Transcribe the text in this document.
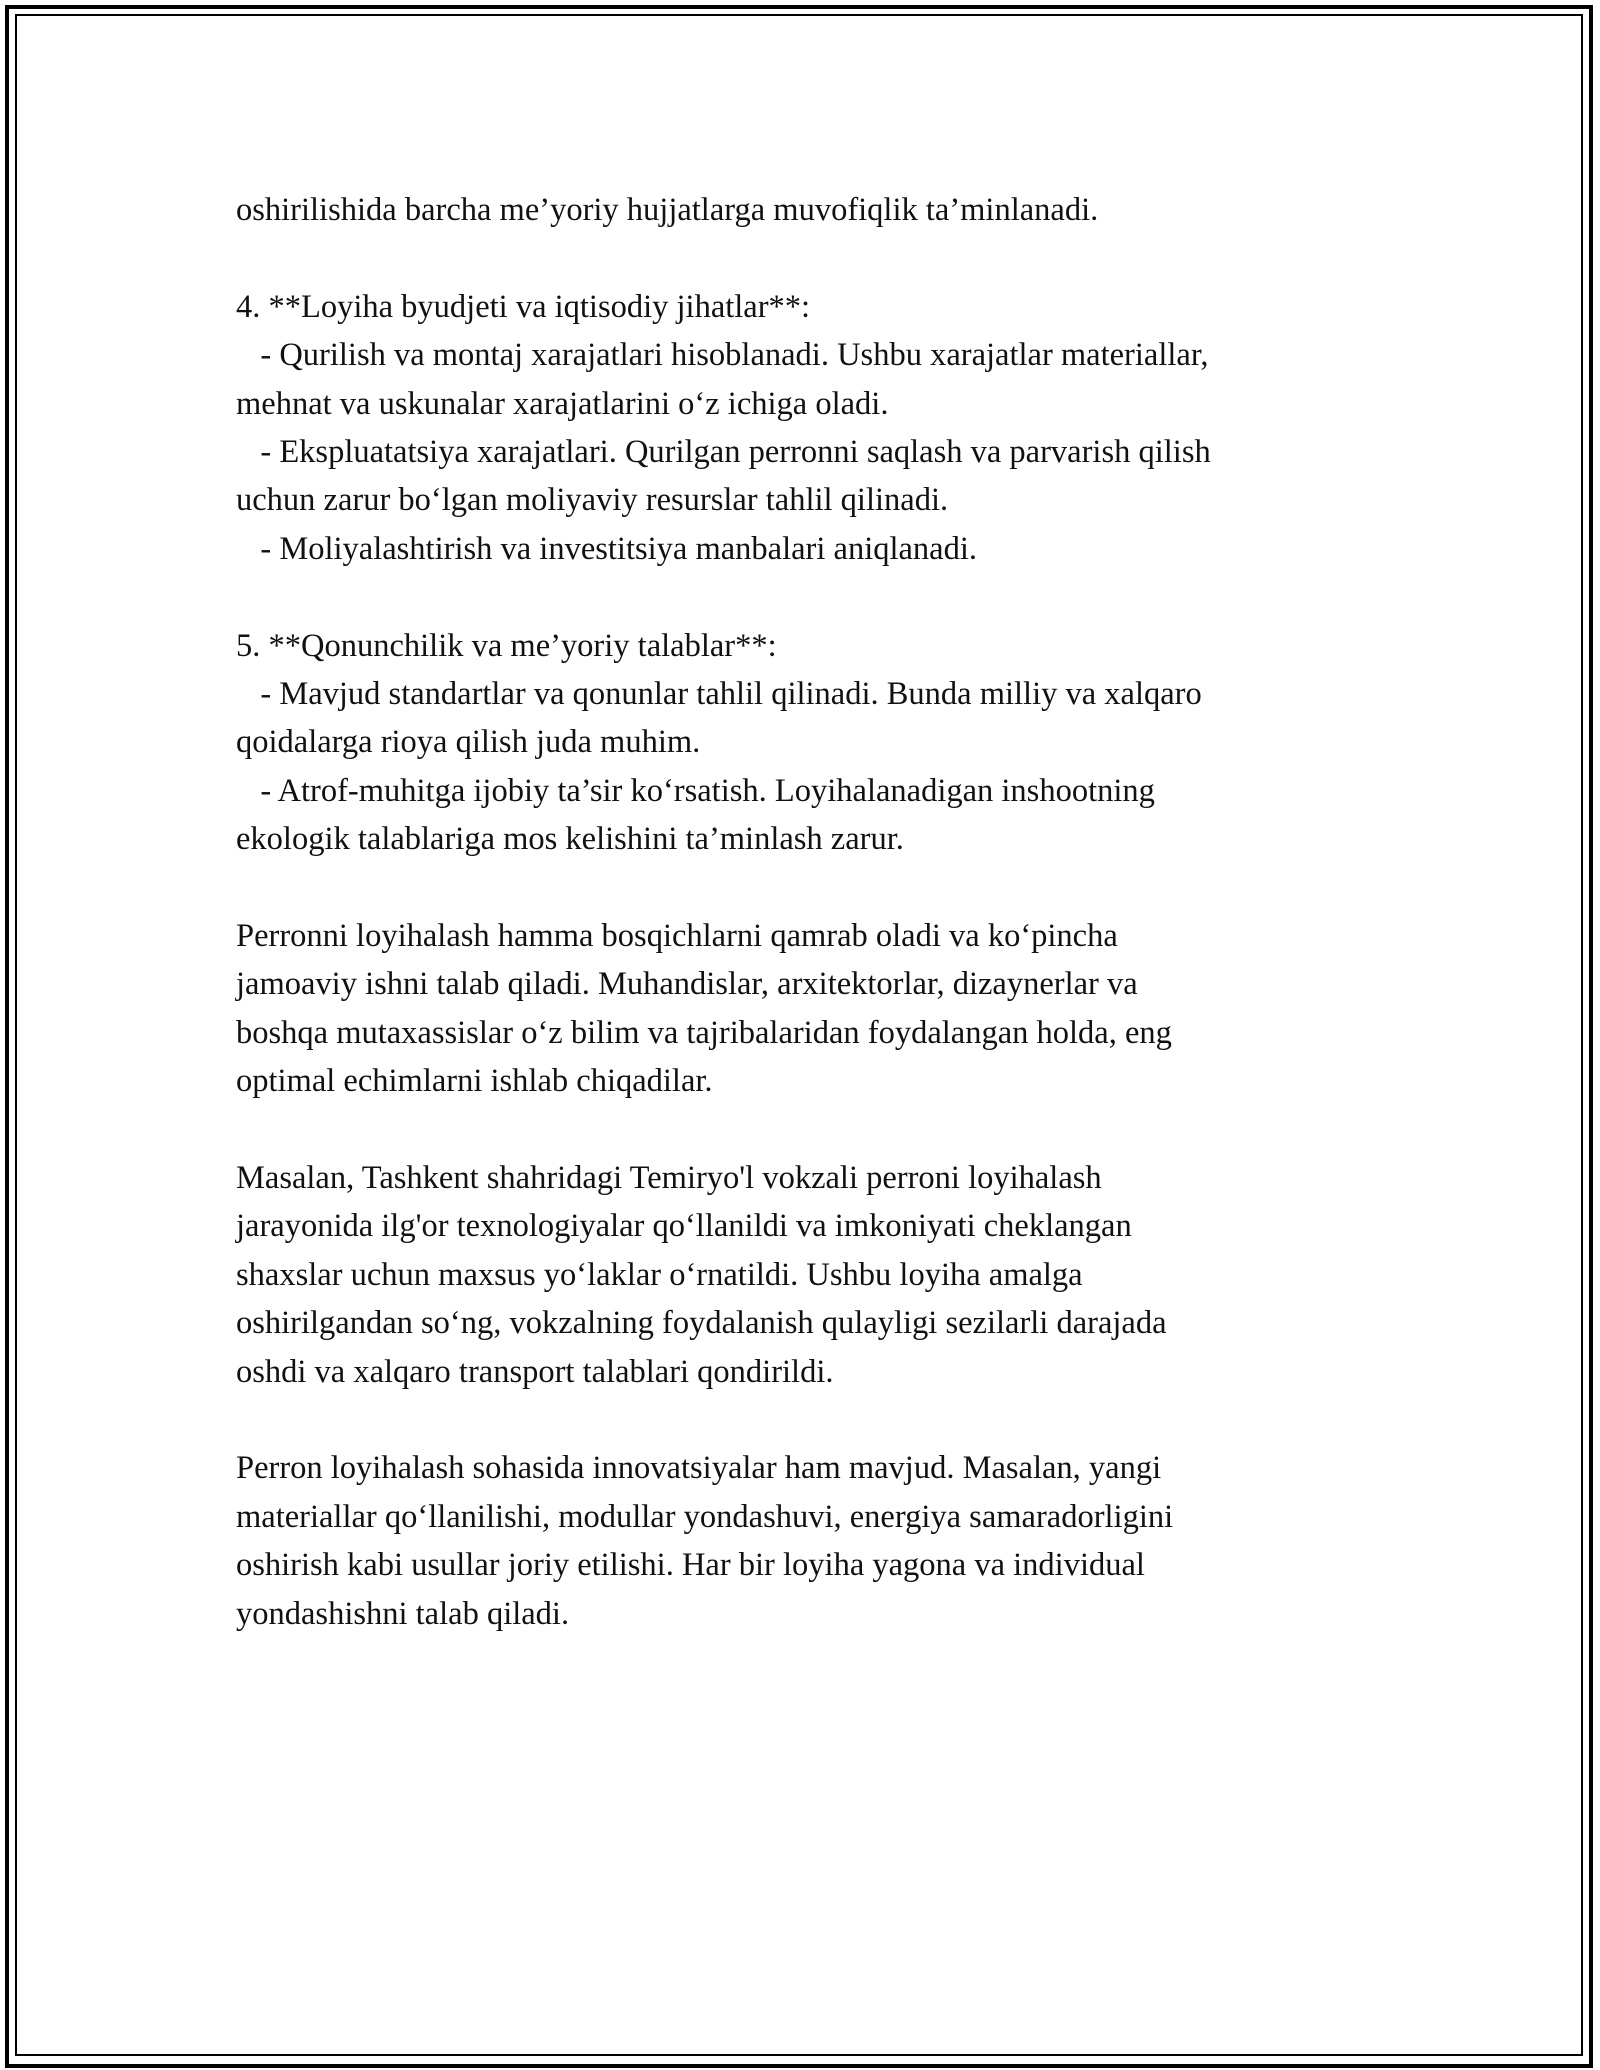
oshirilishida barcha me’yoriy hujjatlarga muvofiqlik ta’minlanadi.

4. **Loyiha byudjeti va iqtisodiy jihatlar**:

- Qurilish va montaj xarajatlari hisoblanadi. Ushbu xarajatlar materiallar,

mehnat va uskunalar xarajatlarini o‘z ichiga oladi.

- Ekspluatatsiya xarajatlari. Qurilgan perronni saqlash va parvarish qilish

uchun zarur bo‘lgan moliyaviy resurslar tahlil qilinadi.

- Moliyalashtirish va investitsiya manbalari aniqlanadi.

5. **Qonunchilik va me’yoriy talablar**:

- Mavjud standartlar va qonunlar tahlil qilinadi. Bunda milliy va xalqaro

qoidalarga rioya qilish juda muhim.

- Atrof-muhitga ijobiy ta’sir ko‘rsatish. Loyihalanadigan inshootning

ekologik talablariga mos kelishini ta’minlash zarur.

Perronni loyihalash hamma bosqichlarni qamrab oladi va ko‘pincha

jamoaviy ishni talab qiladi. Muhandislar, arxitektorlar, dizaynerlar va

boshqa mutaxassislar o‘z bilim va tajribalaridan foydalangan holda, eng

optimal echimlarni ishlab chiqadilar.

Masalan, Tashkent shahridagi Temiryo'l vokzali perroni loyihalash

jarayonida ilg'or texnologiyalar qo‘llanildi va imkoniyati cheklangan

shaxslar uchun maxsus yo‘laklar o‘rnatildi. Ushbu loyiha amalga

oshirilgandan so‘ng, vokzalning foydalanish qulayligi sezilarli darajada

oshdi va xalqaro transport talablari qondirildi.

Perron loyihalash sohasida innovatsiyalar ham mavjud. Masalan, yangi

materiallar qo‘llanilishi, modullar yondashuvi, energiya samaradorligini

oshirish kabi usullar joriy etilishi. Har bir loyiha yagona va individual

yondashishni talab qiladi.
